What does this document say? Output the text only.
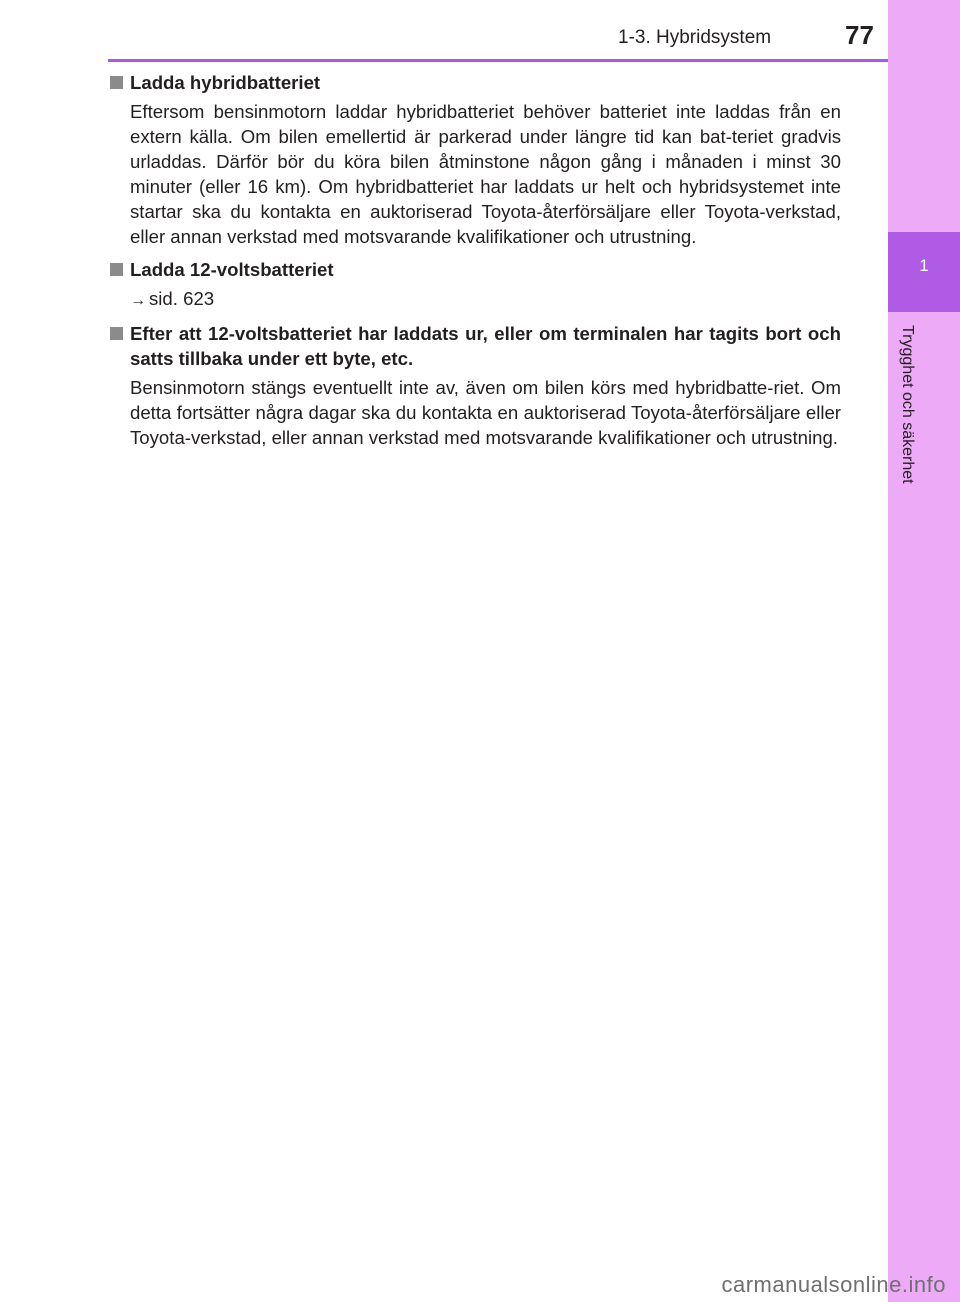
1-3. Hybridsystem	77
1
Trygghet och säkerhet
Ladda hybridbatteriet
Eftersom bensinmotorn laddar hybridbatteriet behöver batteriet inte laddas från en extern källa. Om bilen emellertid är parkerad under längre tid kan bat-teriet gradvis urladdas. Därför bör du köra bilen åtminstone någon gång i månaden i minst 30 minuter (eller 16 km). Om hybridbatteriet har laddats ur helt och hybridsystemet inte startar ska du kontakta en auktoriserad Toyota-återförsäljare eller Toyota-verkstad, eller annan verkstad med motsvarande kvalifikationer och utrustning.
Ladda 12-voltsbatteriet
→ sid. 623
Efter att 12-voltsbatteriet har laddats ur, eller om terminalen har tagits bort och satts tillbaka under ett byte, etc.
Bensinmotorn stängs eventuellt inte av, även om bilen körs med hybridbatte-riet. Om detta fortsätter några dagar ska du kontakta en auktoriserad Toyota-återförsäljare eller Toyota-verkstad, eller annan verkstad med motsvarande kvalifikationer och utrustning.
carmanualsonline.info
